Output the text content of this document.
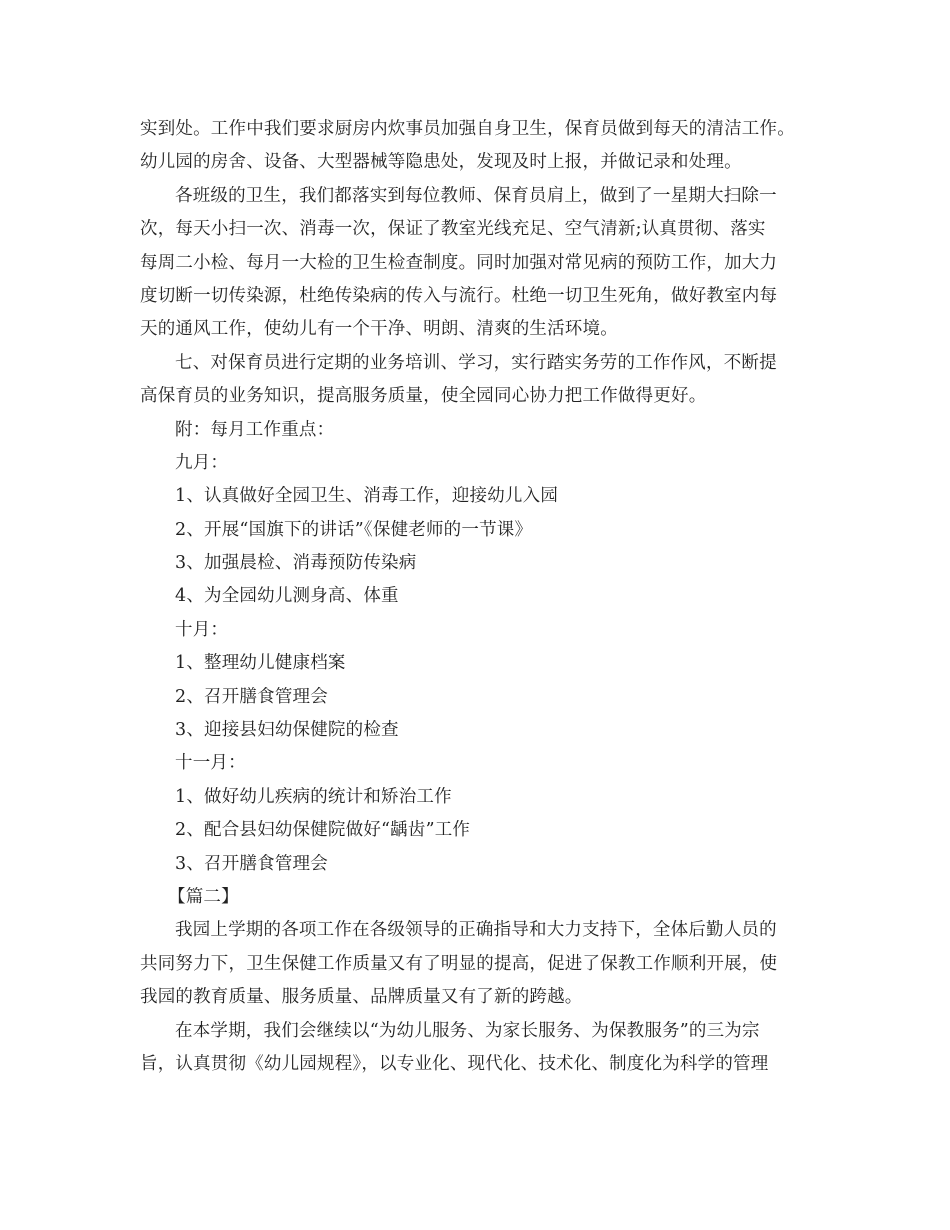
实到处。工作中我们要求厨房内炊事员加强自身卫生，保育员做到每天的清洁工作。
幼儿园的房舍、设备、大型器械等隐患处，发现及时上报，并做记录和处理。
各班级的卫生，我们都落实到每位教师、保育员肩上，做到了一星期大扫除一
次，每天小扫一次、消毒一次，保证了教室光线充足、空气清新;认真贯彻、落实
每周二小检、每月一大检的卫生检查制度。同时加强对常见病的预防工作，加大力
度切断一切传染源，杜绝传染病的传入与流行。杜绝一切卫生死角，做好教室内每
天的通风工作，使幼儿有一个干净、明朗、清爽的生活环境。
七、对保育员进行定期的业务培训、学习，实行踏实务劳的工作作风，不断提
高保育员的业务知识，提高服务质量，使全园同心协力把工作做得更好。
附：每月工作重点：
九月：
1、认真做好全园卫生、消毒工作，迎接幼儿入园
2、开展“国旗下的讲话”《保健老师的一节课》
3、加强晨检、消毒预防传染病
4、为全园幼儿测身高、体重
十月：
1、整理幼儿健康档案
2、召开膳食管理会
3、迎接县妇幼保健院的检查
十一月：
1、做好幼儿疾病的统计和矫治工作
2、配合县妇幼保健院做好“龋齿”工作
3、召开膳食管理会
【篇二】
我园上学期的各项工作在各级领导的正确指导和大力支持下，全体后勤人员的
共同努力下，卫生保健工作质量又有了明显的提高，促进了保教工作顺利开展，使
我园的教育质量、服务质量、品牌质量又有了新的跨越。
在本学期，我们会继续以“为幼儿服务、为家长服务、为保教服务”的三为宗
旨，认真贯彻《幼儿园规程》，以专业化、现代化、技术化、制度化为科学的管理
